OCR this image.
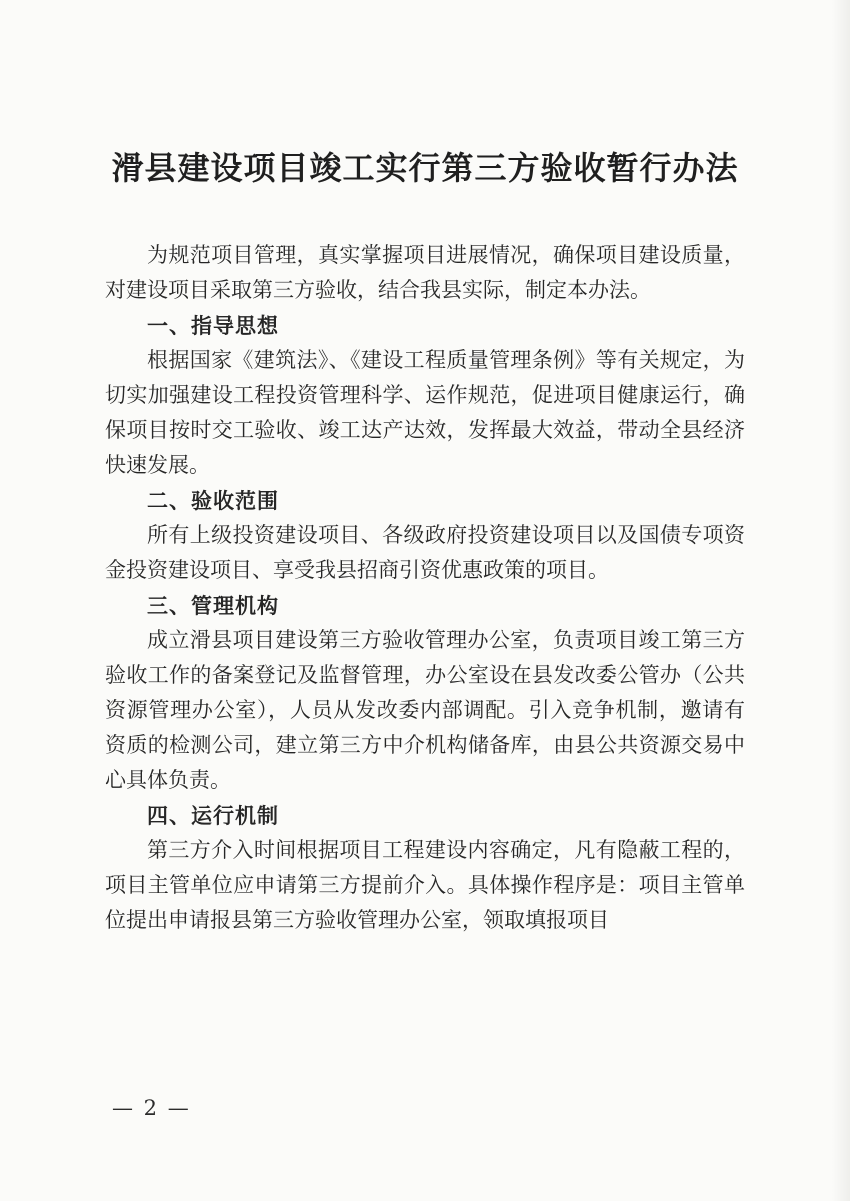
滑县建设项目竣工实行第三方验收暂行办法

为规范项目管理，真实掌握项目进展情况，确保项目建设质量，对建设项目采取第三方验收，结合我县实际，制定本办法。

一、指导思想

根据国家《建筑法》、《建设工程质量管理条例》等有关规定，为切实加强建设工程投资管理科学、运作规范，促进项目健康运行，确保项目按时交工验收、竣工达产达效，发挥最大效益，带动全县经济快速发展。

二、验收范围

所有上级投资建设项目、各级政府投资建设项目以及国债专项资金投资建设项目、享受我县招商引资优惠政策的项目。

三、管理机构

成立滑县项目建设第三方验收管理办公室，负责项目竣工第三方验收工作的备案登记及监督管理，办公室设在县发改委公管办（公共资源管理办公室），人员从发改委内部调配。引入竞争机制，邀请有资质的检测公司，建立第三方中介机构储备库，由县公共资源交易中心具体负责。

四、运行机制

第三方介入时间根据项目工程建设内容确定，凡有隐蔽工程的，项目主管单位应申请第三方提前介入。具体操作程序是：项目主管单位提出申请报县第三方验收管理办公室，领取填报项目

— 2 —
